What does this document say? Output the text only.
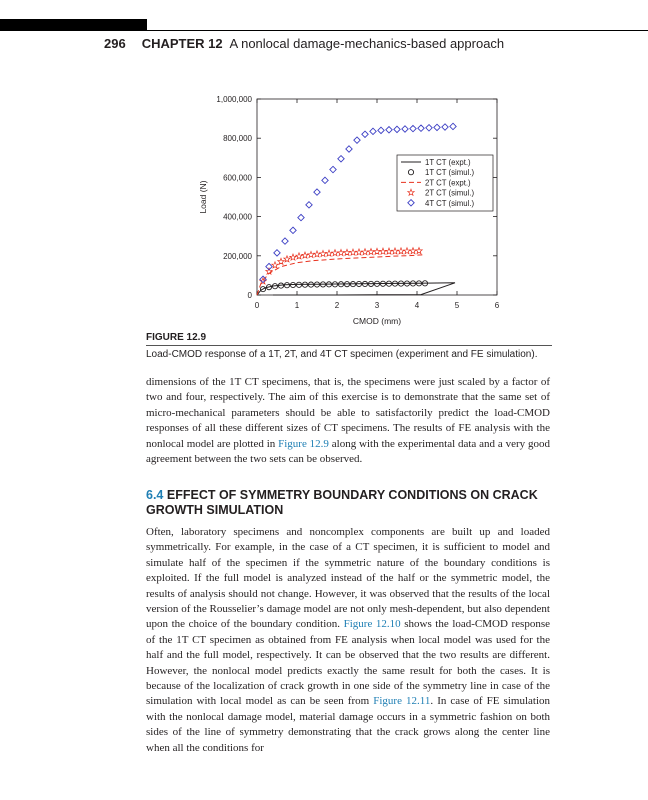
296 CHAPTER 12 A nonlocal damage-mechanics-based approach
0	1	2	3	4	5	6
0
200,000
400,000
600,000
800,000
1,000,000
CMOD (mm)
Load (N)
1T CT (expt.)
1T CT (simul.)
2T CT (expt.)
2T CT (simul.)
4T CT (simul.)
FIGURE 12.9
Load-CMOD response of a 1T, 2T, and 4T CT specimen (experiment and FE simulation).

dimensions of the 1T CT specimens, that is, the specimens were just scaled by a factor of two and four, respectively. The aim of this exercise is to demonstrate that the same set of micro-mechanical parameters should be able to satisfactorily predict the load-CMOD responses of all these different sizes of CT specimens. The results of FE analysis with the nonlocal model are plotted in Figure 12.9 along with the experimental data and a very good agreement between the two sets can be observed.

6.4 EFFECT OF SYMMETRY BOUNDARY CONDITIONS ON CRACK GROWTH SIMULATION

Often, laboratory specimens and noncomplex components are built up and loaded symmetrically. For example, in the case of a CT specimen, it is sufficient to model and simulate half of the specimen if the symmetric nature of the boundary conditions is exploited. If the full model is analyzed instead of the half or the symmetric model, the results of analysis should not change. However, it was observed that the results of the local version of the Rousselier’s damage model are not only mesh-dependent, but also dependent upon the choice of the boundary condition. Figure 12.10 shows the load-CMOD response of the 1T CT specimen as obtained from FE analysis when local model was used for the half and the full model, respectively. It can be observed that the two results are different. However, the nonlocal model predicts exactly the same result for both the cases. It is because of the localization of crack growth in one side of the symmetry line in case of the simulation with local model as can be seen from Figure 12.11. In case of FE simulation with the nonlocal damage model, material damage occurs in a symmetric fashion on both sides of the line of symmetry demonstrating that the crack grows along the center line when all the conditions for
